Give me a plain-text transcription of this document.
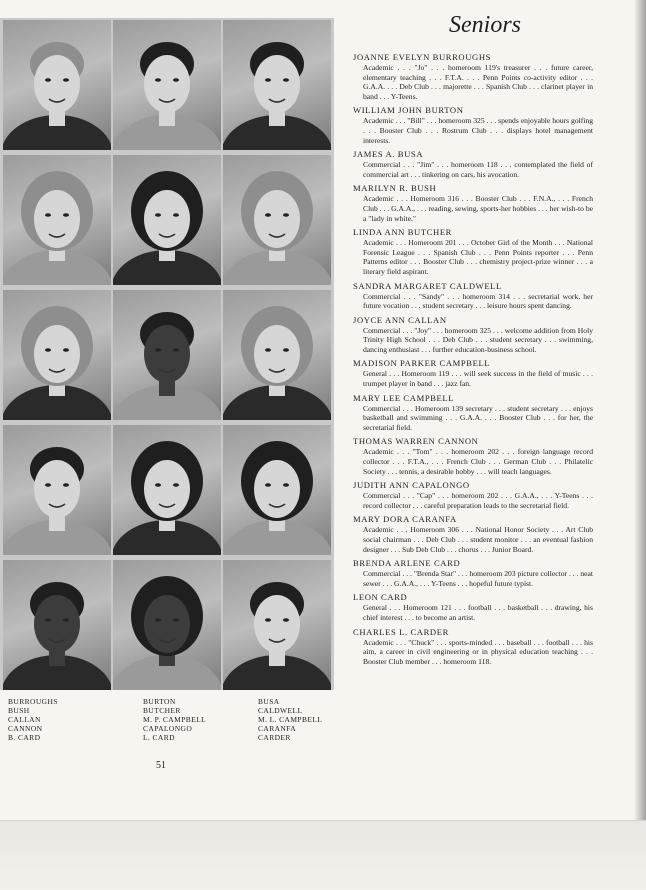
BURROUGHS
BUSH
CALLAN
CANNON
B. CARD
BURTON
BUTCHER
M. P. CAMPBELL
CAPALONGO
L. CARD
BUSA
CALDWELL
M. L. CAMPBELL
CARANFA
CARDER
51
Seniors
JOANNE EVELYN BURROUGHS
Academic . . . "Jo" . . . homeroom 119's treasurer . . . future career, elementary teaching . . . F.T.A. . . . Penn Points co-activity editor . . . G.A.A. . . . Deb Club . . . majorette . . . Spanish Club . . . clarinet player in band . . . Y-Teens.
WILLIAM JOHN BURTON
Academic . . . "Bill" . . . homeroom 325 . . . spends enjoyable hours golfing . . . Booster Club . . . Rostrum Club . . . displays hotel management interests.
JAMES A. BUSA
Commercial . . . "Jim" . . . homeroom 118 . . . contemplated the field of commercial art . . . tinkering on cars, his avocation.
MARILYN R. BUSH
Academic . . . Homeroom 316 . . . Booster Club . . . F.N.A., . . . French Club . . . G.A.A., . . . reading, sewing, sports-her hobbies . . . her wish-to be a "lady in white."
LINDA ANN BUTCHER
Academic . . . Homeroom 201 . . . October Girl of the Month . . . National Forensic League . . . Spanish Club . . . Penn Points reporter . . . Penn Patterns editor . . . Booster Club . . . chemistry project-prize winner . . . a literary field aspirant.
SANDRA MARGARET CALDWELL
Commercial . . . "Sandy" . . . homeroom 314 . . . secretarial work, her future vocation . . . student secretary . . . leisure hours spent dancing.
JOYCE ANN CALLAN
Commercial . . . "Joy" . . . homeroom 325 . . . welcome addition from Holy Trinity High School . . . Deb Club . . . student secretary . . . swimming, dancing enthusiast . . . further education-business school.
MADISON PARKER CAMPBELL
General . . . Homeroom 119 . . . will seek success in the field of music . . . trumpet player in band . . . jazz fan.
MARY LEE CAMPBELL
Commercial . . . Homeroom 139 secretary . . . student secretary . . . enjoys basketball and swimming . . . G.A.A. . . . Booster Club . . . for her, the secretarial field.
THOMAS WARREN CANNON
Academic . . . "Tom" . . . homeroom 202 . . . foreign language record collector . . . F.T.A., . . . French Club . . . German Club . . . Philatelic Society . . . tennis, a desirable hobby . . . will teach languages.
JUDITH ANN CAPALONGO
Commercial . . . "Cap" . . . homeroom 202 . . . G.A.A., . . . Y-Teens . . . record collector . . . careful preparation leads to the secretarial field.
MARY DORA CARANFA
Academic . . . Homeroom 306 . . . National Honor Society . . . Art Club social chairman . . . Deb Club . . . student monitor . . . an eventual fashion designer . . . Sub Deb Club . . . chorus . . . Junior Board.
BRENDA ARLENE CARD
Commercial . . . "Brenda Star" . . . homeroom 203 picture collector . . . neat sewer . . . G.A.A., . . . Y-Teens . . . hopeful future typist.
LEON CARD
General . . . Homeroom 121 . . . football . . . basketball . . . drawing, his chief interest . . . to become an artist.
CHARLES L. CARDER
Academic . . . "Chuck" . . . sports-minded . . . baseball . . . football . . . his aim, a career in civil engineering or in physical education teaching . . . Booster Club member . . . homeroom 118.
